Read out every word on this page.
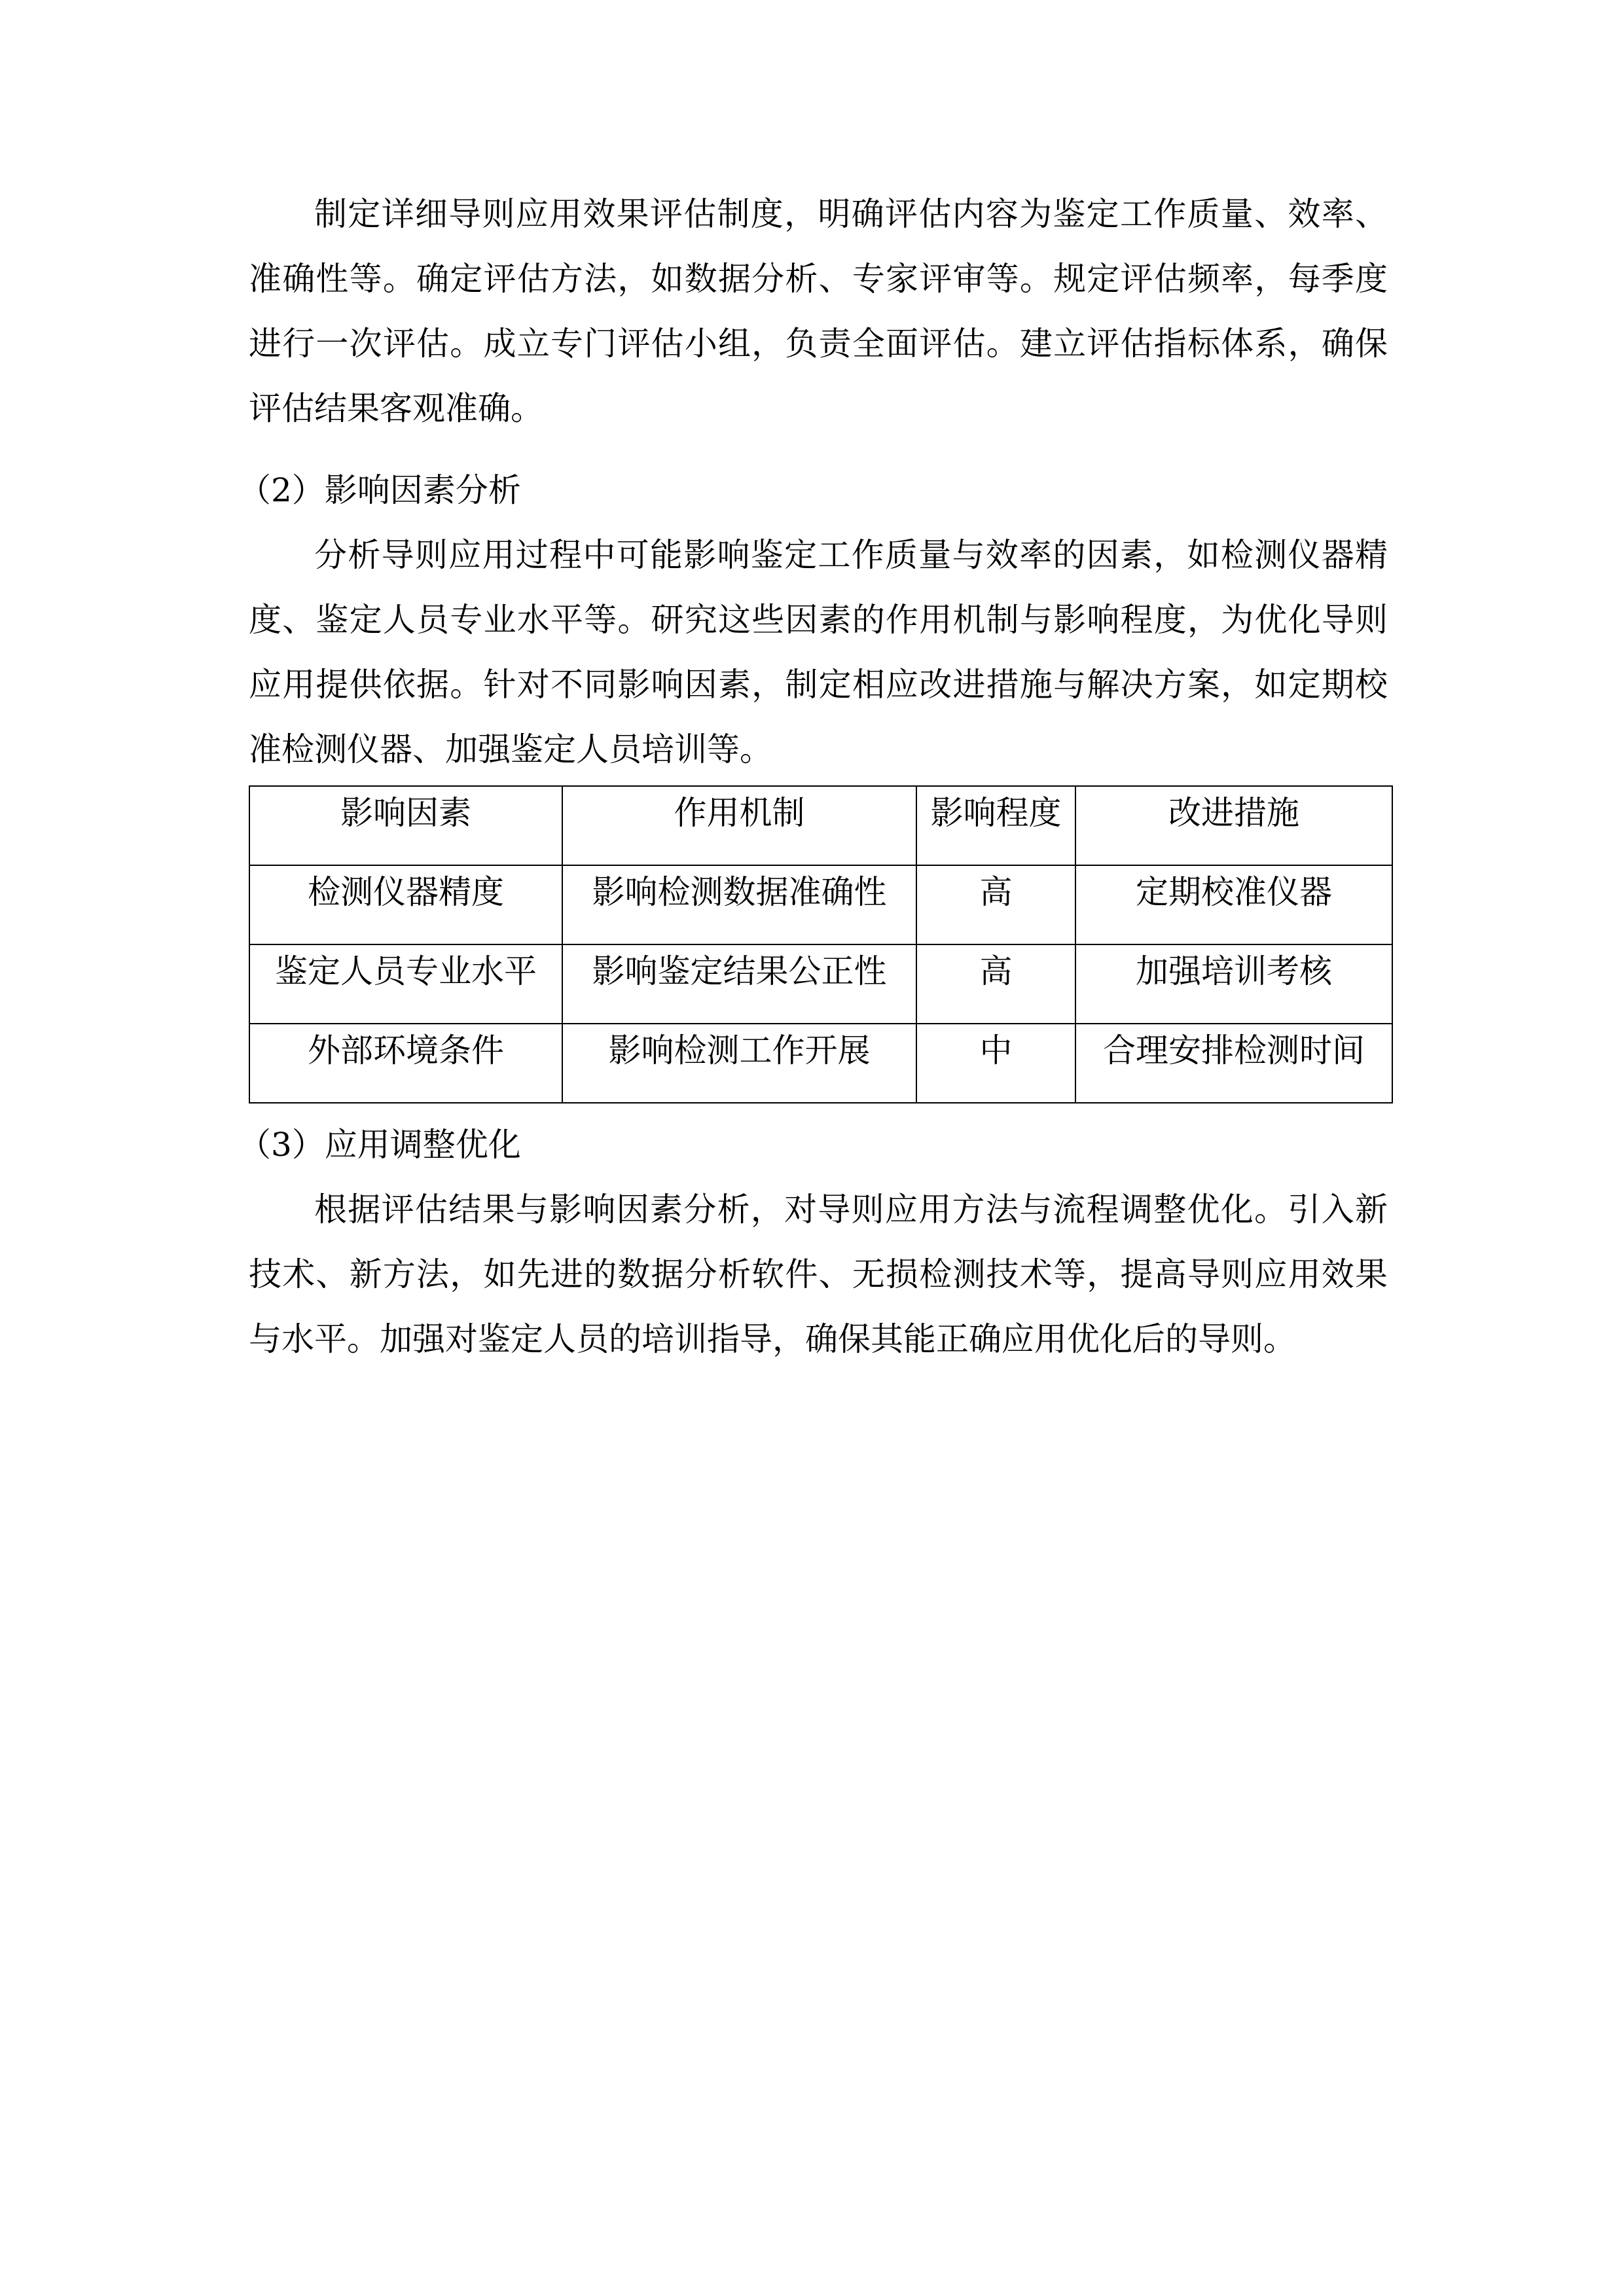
制定详细导则应用效果评估制度，明确评估内容为鉴定工作质量、效率、准确性等。确定评估方法，如数据分析、专家评审等。规定评估频率，每季度进行一次评估。成立专门评估小组，负责全面评估。建立评估指标体系，确保评估结果客观准确。

（2）影响因素分析

分析导则应用过程中可能影响鉴定工作质量与效率的因素，如检测仪器精度、鉴定人员专业水平等。研究这些因素的作用机制与影响程度，为优化导则应用提供依据。针对不同影响因素，制定相应改进措施与解决方案，如定期校准检测仪器、加强鉴定人员培训等。

影响因素	作用机制	影响程度	改进措施
检测仪器精度	影响检测数据准确性	高	定期校准仪器
鉴定人员专业水平	影响鉴定结果公正性	高	加强培训考核
外部环境条件	影响检测工作开展	中	合理安排检测时间

（3）应用调整优化

根据评估结果与影响因素分析，对导则应用方法与流程调整优化。引入新技术、新方法，如先进的数据分析软件、无损检测技术等，提高导则应用效果与水平。加强对鉴定人员的培训指导，确保其能正确应用优化后的导则。
